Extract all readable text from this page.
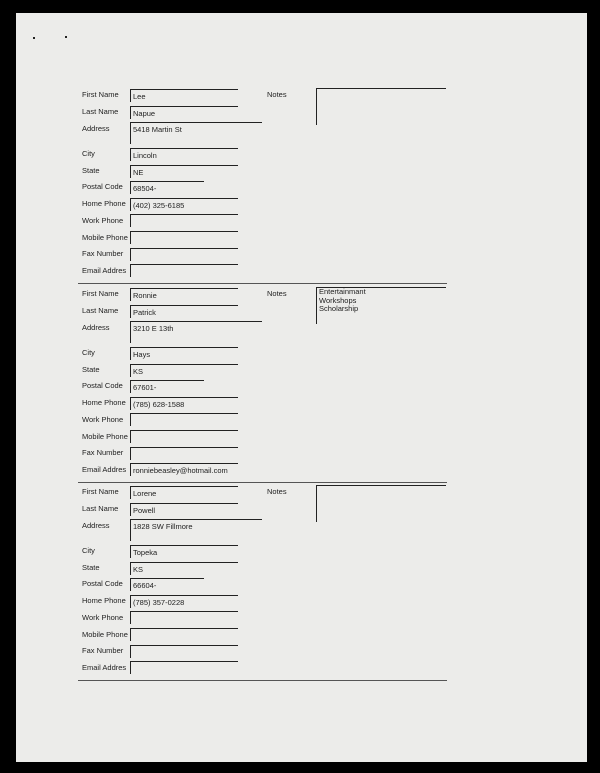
First Name Lee
Last Name Napue
Address	5418 Martin St
City	Lincoln
State	NE
Postal Code 68504-
Home Phone (402) 325-6185
Work Phone
Mobile Phone
Fax Number
Email Addres
Notes
First Name Ronnie
Last Name Patrick
Address	3210 E 13th
City	Hays
State	KS
Postal Code 67601-
Home Phone (785) 628-1588
Work Phone
Mobile Phone
Fax Number
Email Addres ronniebeasley@hotmail.com
Notes	Entertainmant
Workshops
Scholarship
First Name Lorene
Last Name Powell
Address	1828 SW Fillmore
City	Topeka
State	KS
Postal Code 66604-
Home Phone (785) 357-0228
Work Phone
Mobile Phone
Fax Number
Email Addres
Notes
